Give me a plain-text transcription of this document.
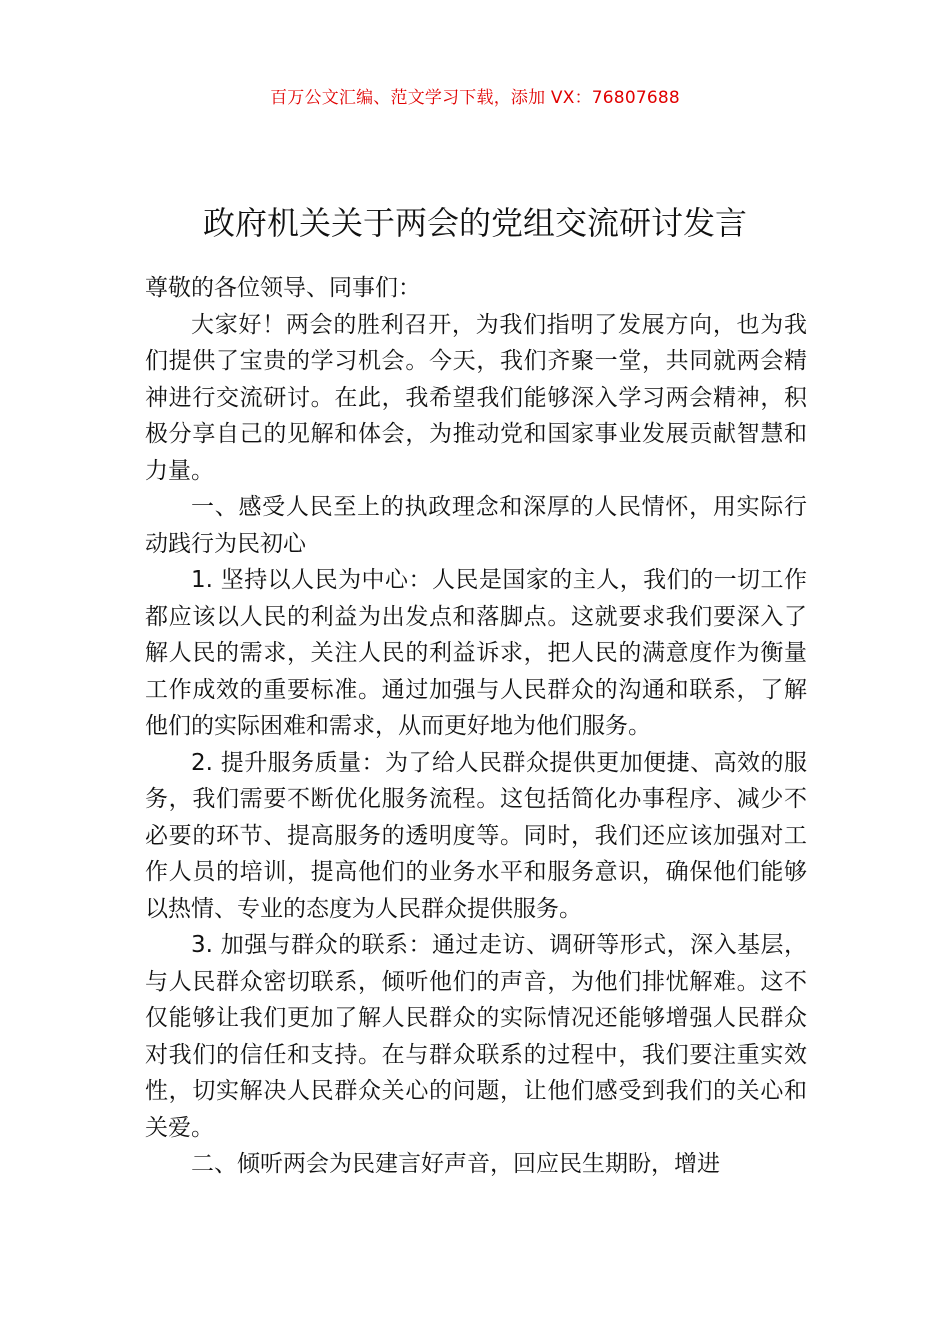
百万公文汇编、范文学习下载，添加 VX：76807688
政府机关关于两会的党组交流研讨发言

尊敬的各位领导、同事们：

大家好！两会的胜利召开，为我们指明了发展方向，也为我们提供了宝贵的学习机会。今天，我们齐聚一堂，共同就两会精神进行交流研讨。在此，我希望我们能够深入学习两会精神，积极分享自己的见解和体会，为推动党和国家事业发展贡献智慧和力量。

一、感受人民至上的执政理念和深厚的人民情怀，用实际行动践行为民初心

1. 坚持以人民为中心：人民是国家的主人，我们的一切工作都应该以人民的利益为出发点和落脚点。这就要求我们要深入了解人民的需求，关注人民的利益诉求，把人民的满意度作为衡量工作成效的重要标准。通过加强与人民群众的沟通和联系，了解他们的实际困难和需求，从而更好地为他们服务。

2. 提升服务质量：为了给人民群众提供更加便捷、高效的服务，我们需要不断优化服务流程。这包括简化办事程序、减少不必要的环节、提高服务的透明度等。同时，我们还应该加强对工作人员的培训，提高他们的业务水平和服务意识，确保他们能够以热情、专业的态度为人民群众提供服务。

3. 加强与群众的联系：通过走访、调研等形式，深入基层，与人民群众密切联系，倾听他们的声音，为他们排忧解难。这不仅能够让我们更加了解人民群众的实际情况还能够增强人民群众对我们的信任和支持。在与群众联系的过程中，我们要注重实效性，切实解决人民群众关心的问题，让他们感受到我们的关心和关爱。

二、倾听两会为民建言好声音，回应民生期盼，增进
